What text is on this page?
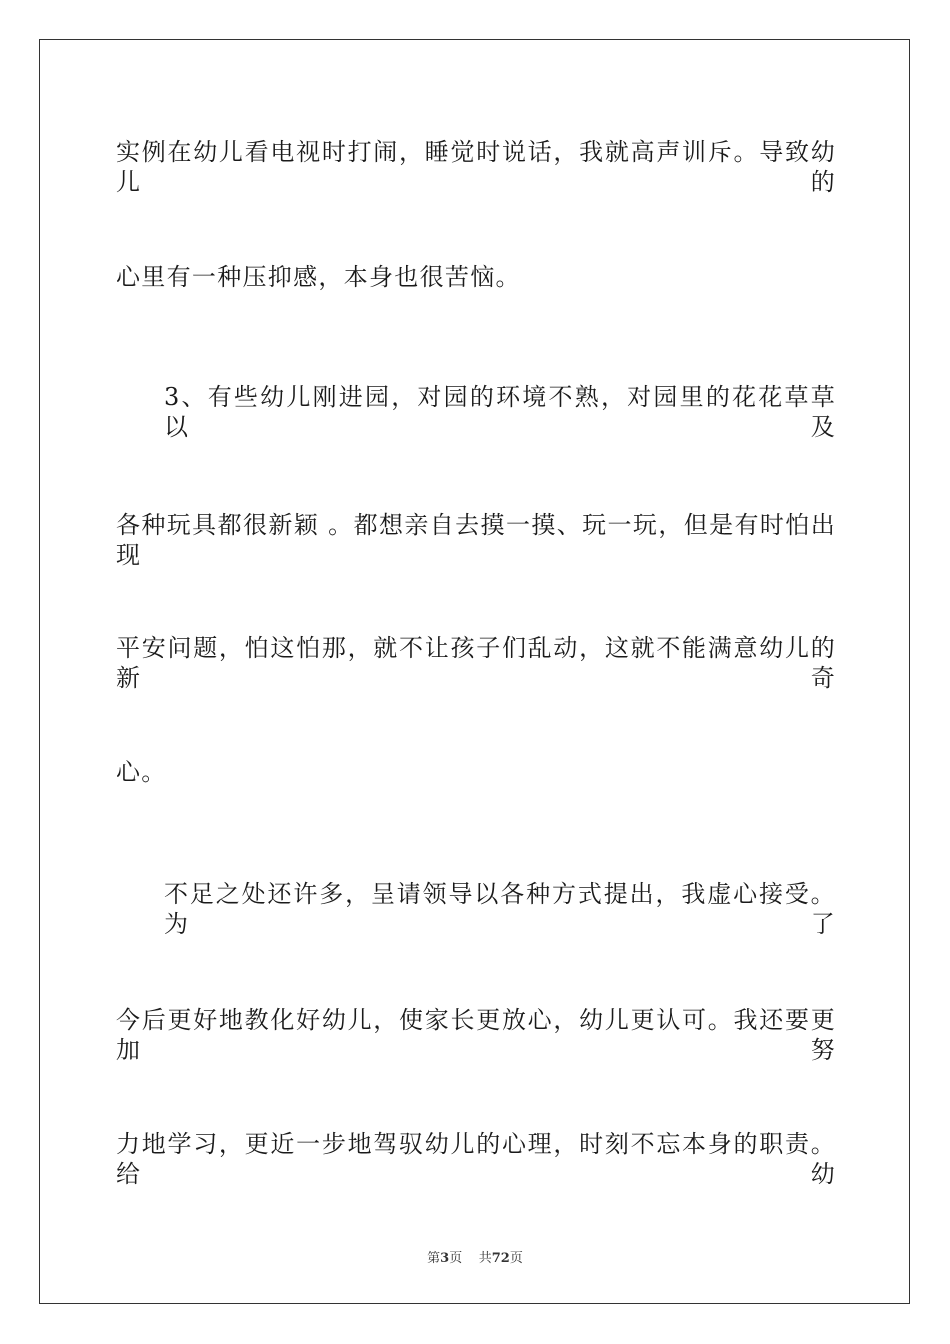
实例在幼儿看电视时打闹，睡觉时说话，我就高声训斥。导致幼儿的
心里有一种压抑感，本身也很苦恼。
3、有些幼儿刚进园，对园的环境不熟，对园里的花花草草以及
各种玩具都很新颖 。都想亲自去摸一摸、玩一玩，但是有时怕出现
平安问题，怕这怕那，就不让孩子们乱动，这就不能满意幼儿的新奇
心。
不足之处还许多，呈请领导以各种方式提出，我虚心接受。为了
今后更好地教化好幼儿，使家长更放心，幼儿更认可。我还要更加努
力地学习，更近一步地驾驭幼儿的心理，时刻不忘本身的职责。给幼
第3页 共72页
